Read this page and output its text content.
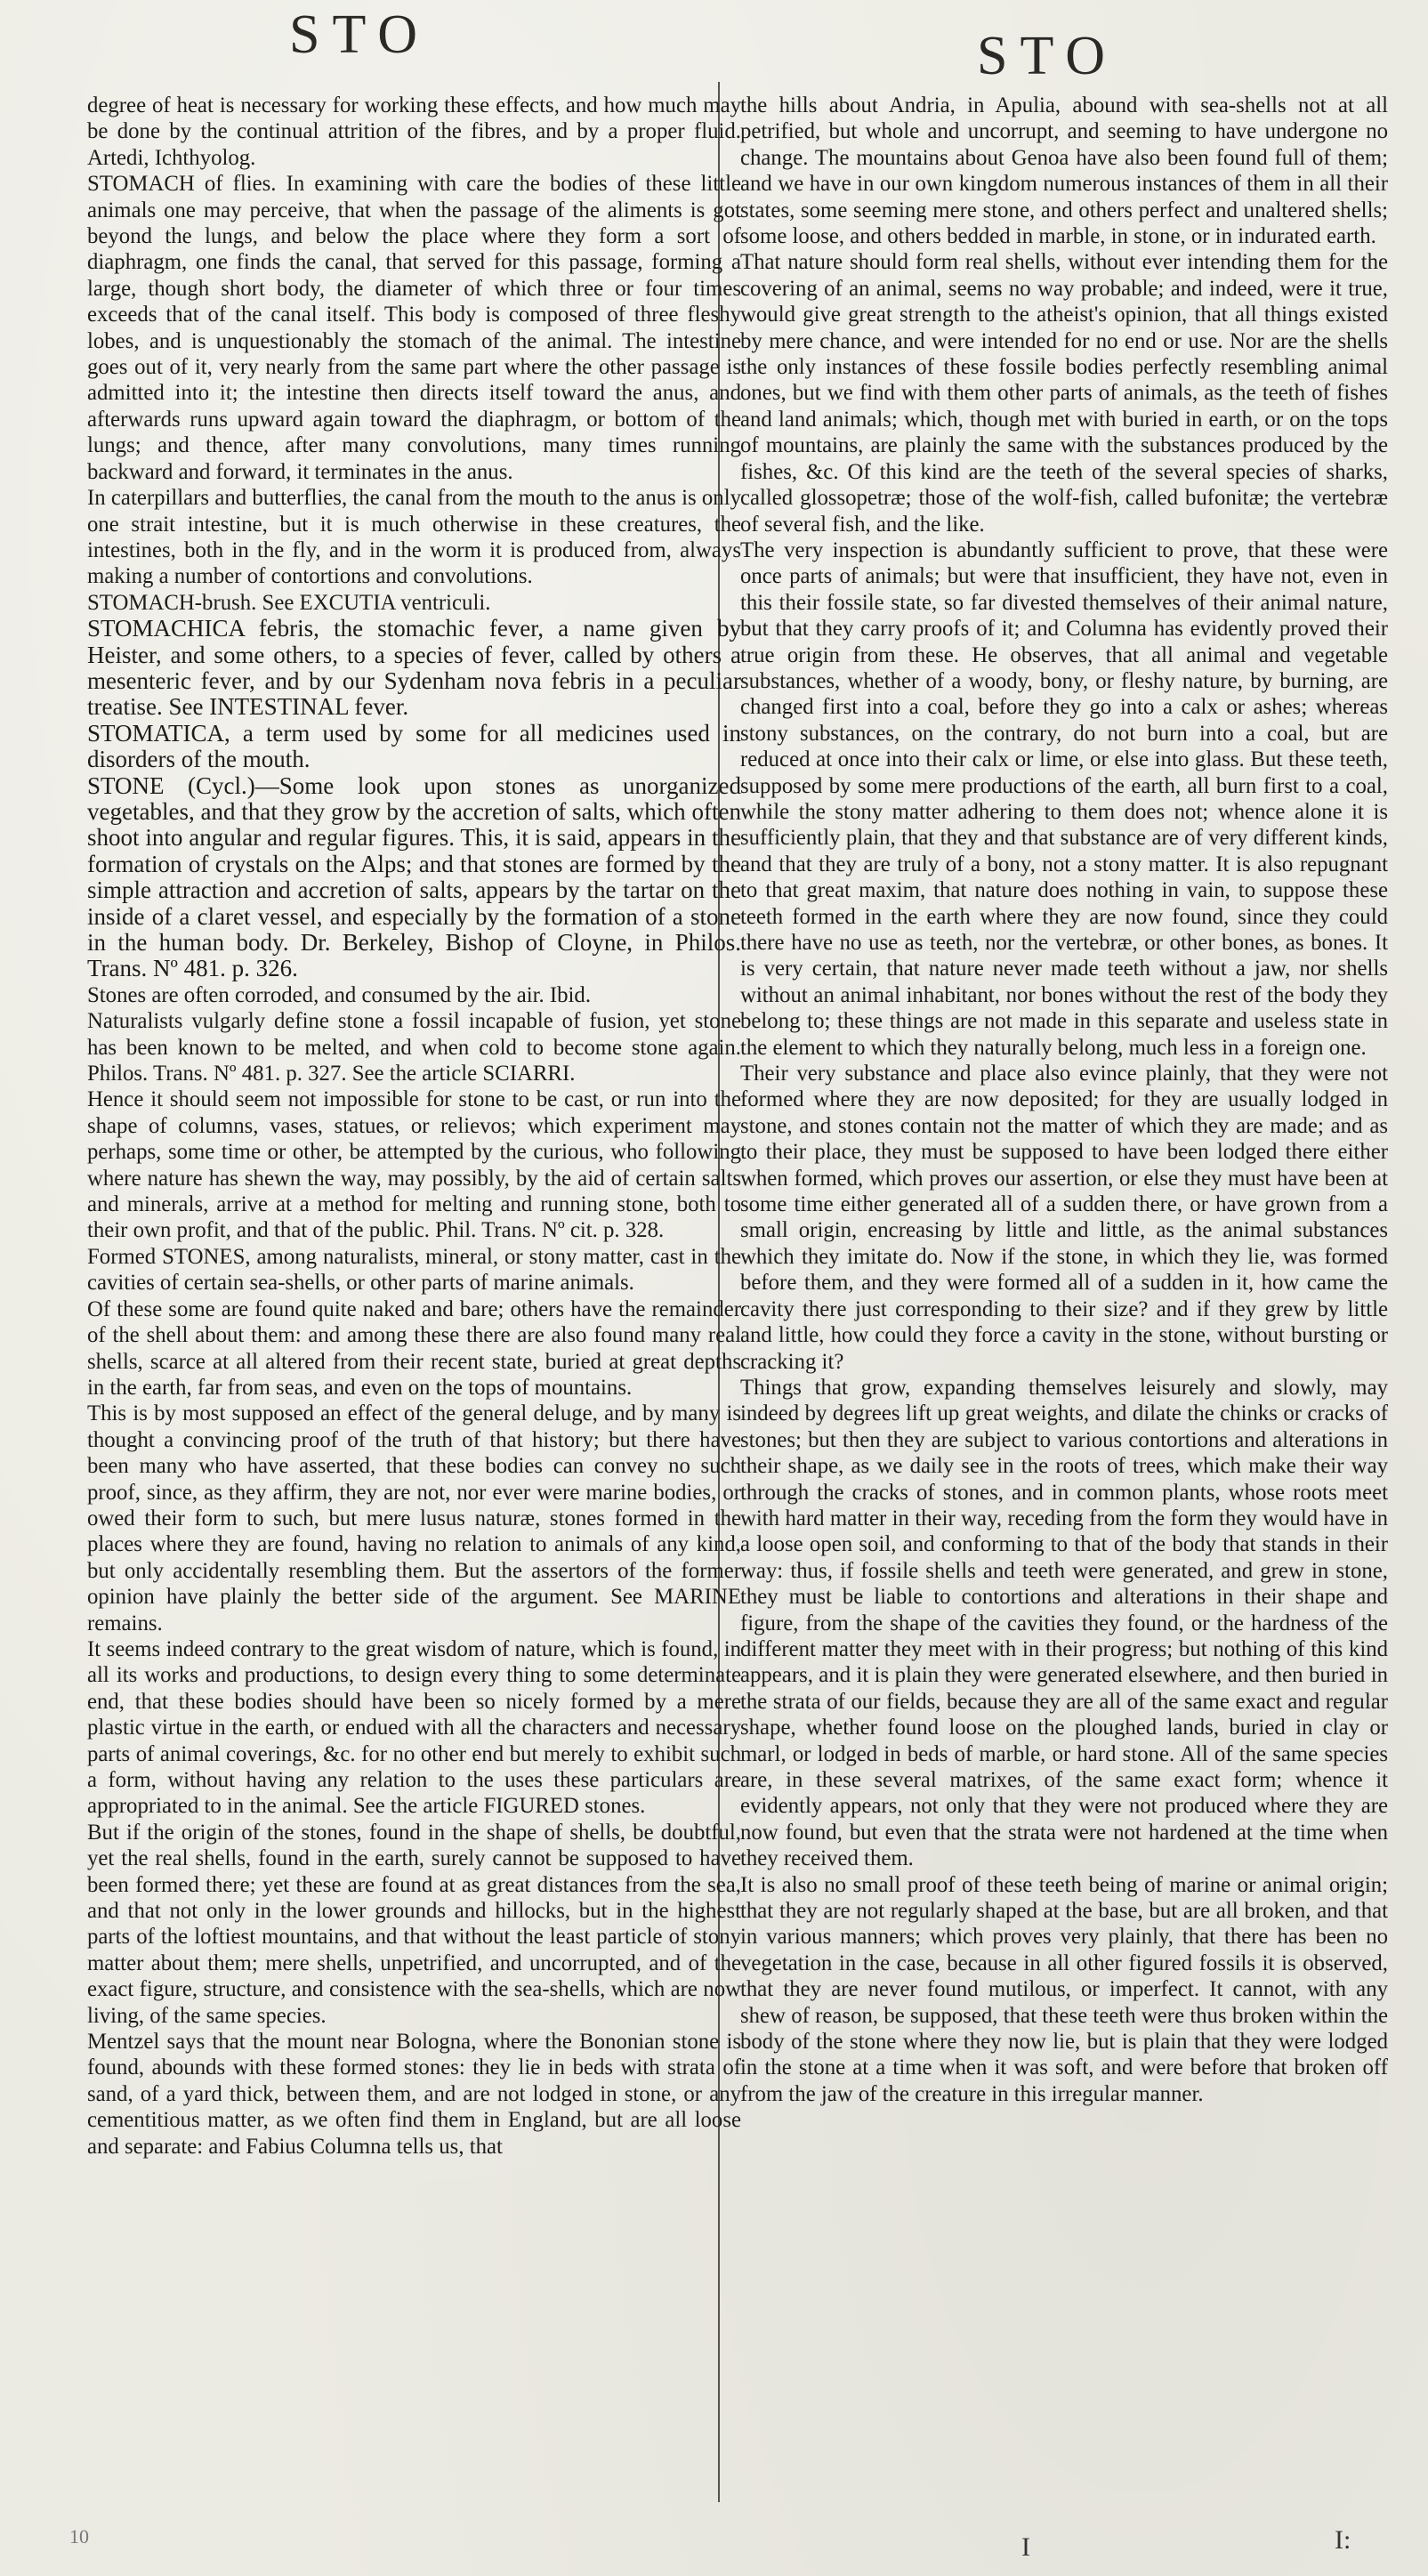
STO	STO

degree of heat is necessary for working these effects, and how much may be done by the continual attrition of the fibres, and by a proper fluid. Artedi, Ichthyolog.

STOMACH of flies. In examining with care the bodies of these little animals one may perceive, that when the passage of the aliments is got beyond the lungs, and below the place where they form a sort of diaphragm, one finds the canal, that served for this passage, forming a large, though short body, the diameter of which three or four times exceeds that of the canal itself. This body is composed of three fleshy lobes, and is unquestionably the stomach of the animal. The intestine goes out of it, very nearly from the same part where the other passage is admitted into it; the intestine then directs itself toward the anus, and afterwards runs upward again toward the diaphragm, or bottom of the lungs; and thence, after many convolutions, many times running backward and forward, it terminates in the anus.

In caterpillars and butterflies, the canal from the mouth to the anus is only one strait intestine, but it is much otherwise in these creatures, the intestines, both in the fly, and in the worm it is produced from, always making a number of contortions and convolutions.

STOMACH-brush. See EXCUTIA ventriculi.

STOMACHICA febris, the stomachic fever, a name given by Heister, and some others, to a species of fever, called by others a mesenteric fever, and by our Sydenham nova febris in a peculiar treatise. See INTESTINAL fever.

STOMATICA, a term used by some for all medicines used in disorders of the mouth.

STONE (Cycl.)—Some look upon stones as unorganized vegetables, and that they grow by the accretion of salts, which often shoot into angular and regular figures. This, it is said, appears in the formation of crystals on the Alps; and that stones are formed by the simple attraction and accretion of salts, appears by the tartar on the inside of a claret vessel, and especially by the formation of a stone in the human body. Dr. Berkeley, Bishop of Cloyne, in Philos. Trans. Nº 481. p. 326.

Stones are often corroded, and consumed by the air. Ibid.

Naturalists vulgarly define stone a fossil incapable of fusion, yet stone has been known to be melted, and when cold to become stone again. Philos. Trans. Nº 481. p. 327. See the article SCIARRI.

Hence it should seem not impossible for stone to be cast, or run into the shape of columns, vases, statues, or relievos; which experiment may perhaps, some time or other, be attempted by the curious, who following where nature has shewn the way, may possibly, by the aid of certain salts and minerals, arrive at a method for melting and running stone, both to their own profit, and that of the public. Phil. Trans. Nº cit. p. 328.

Formed STONES, among naturalists, mineral, or stony matter, cast in the cavities of certain sea-shells, or other parts of marine animals.

Of these some are found quite naked and bare; others have the remainder of the shell about them: and among these there are also found many real shells, scarce at all altered from their recent state, buried at great depths in the earth, far from seas, and even on the tops of mountains.

This is by most supposed an effect of the general deluge, and by many is thought a convincing proof of the truth of that history; but there have been many who have asserted, that these bodies can convey no such proof, since, as they affirm, they are not, nor ever were marine bodies, or owed their form to such, but mere lusus naturæ, stones formed in the places where they are found, having no relation to animals of any kind, but only accidentally resembling them. But the assertors of the former opinion have plainly the better side of the argument. See MARINE remains.

It seems indeed contrary to the great wisdom of nature, which is found, in all its works and productions, to design every thing to some determinate end, that these bodies should have been so nicely formed by a mere plastic virtue in the earth, or endued with all the characters and necessary parts of animal coverings, &c. for no other end but merely to exhibit such a form, without having any relation to the uses these particulars are appropriated to in the animal. See the article FIGURED stones.

But if the origin of the stones, found in the shape of shells, be doubtful, yet the real shells, found in the earth, surely cannot be supposed to have been formed there; yet these are found at as great distances from the sea, and that not only in the lower grounds and hillocks, but in the highest parts of the loftiest mountains, and that without the least particle of stony matter about them; mere shells, unpetrified, and uncorrupted, and of the exact figure, structure, and consistence with the sea-shells, which are now living, of the same species.

Mentzel says that the mount near Bologna, where the Bononian stone is found, abounds with these formed stones: they lie in beds with strata of sand, of a yard thick, between them, and are not lodged in stone, or any cementitious matter, as we often find them in England, but are all loose and separate: and Fabius Columna tells us, that

the hills about Andria, in Apulia, abound with sea-shells not at all petrified, but whole and uncorrupt, and seeming to have undergone no change. The mountains about Genoa have also been found full of them; and we have in our own kingdom numerous instances of them in all their states, some seeming mere stone, and others perfect and unaltered shells; some loose, and others bedded in marble, in stone, or in indurated earth.

That nature should form real shells, without ever intending them for the covering of an animal, seems no way probable; and indeed, were it true, would give great strength to the atheist's opinion, that all things existed by mere chance, and were intended for no end or use. Nor are the shells the only instances of these fossile bodies perfectly resembling animal ones, but we find with them other parts of animals, as the teeth of fishes and land animals; which, though met with buried in earth, or on the tops of mountains, are plainly the same with the substances produced by the fishes, &c. Of this kind are the teeth of the several species of sharks, called glossopetræ; those of the wolf-fish, called bufonitæ; the vertebræ of several fish, and the like.

The very inspection is abundantly sufficient to prove, that these were once parts of animals; but were that insufficient, they have not, even in this their fossile state, so far divested themselves of their animal nature, but that they carry proofs of it; and Columna has evidently proved their true origin from these. He observes, that all animal and vegetable substances, whether of a woody, bony, or fleshy nature, by burning, are changed first into a coal, before they go into a calx or ashes; whereas stony substances, on the contrary, do not burn into a coal, but are reduced at once into their calx or lime, or else into glass. But these teeth, supposed by some mere productions of the earth, all burn first to a coal, while the stony matter adhering to them does not; whence alone it is sufficiently plain, that they and that substance are of very different kinds, and that they are truly of a bony, not a stony matter. It is also repugnant to that great maxim, that nature does nothing in vain, to suppose these teeth formed in the earth where they are now found, since they could there have no use as teeth, nor the vertebræ, or other bones, as bones. It is very certain, that nature never made teeth without a jaw, nor shells without an animal inhabitant, nor bones without the rest of the body they belong to; these things are not made in this separate and useless state in the element to which they naturally belong, much less in a foreign one.

Their very substance and place also evince plainly, that they were not formed where they are now deposited; for they are usually lodged in stone, and stones contain not the matter of which they are made; and as to their place, they must be supposed to have been lodged there either when formed, which proves our assertion, or else they must have been at some time either generated all of a sudden there, or have grown from a small origin, encreasing by little and little, as the animal substances which they imitate do. Now if the stone, in which they lie, was formed before them, and they were formed all of a sudden in it, how came the cavity there just corresponding to their size? and if they grew by little and little, how could they force a cavity in the stone, without bursting or cracking it?

Things that grow, expanding themselves leisurely and slowly, may indeed by degrees lift up great weights, and dilate the chinks or cracks of stones; but then they are subject to various contortions and alterations in their shape, as we daily see in the roots of trees, which make their way through the cracks of stones, and in common plants, whose roots meet with hard matter in their way, receding from the form they would have in a loose open soil, and conforming to that of the body that stands in their way: thus, if fossile shells and teeth were generated, and grew in stone, they must be liable to contortions and alterations in their shape and figure, from the shape of the cavities they found, or the hardness of the different matter they meet with in their progress; but nothing of this kind appears, and it is plain they were generated elsewhere, and then buried in the strata of our fields, because they are all of the same exact and regular shape, whether found loose on the ploughed lands, buried in clay or marl, or lodged in beds of marble, or hard stone. All of the same species are, in these several matrixes, of the same exact form; whence it evidently appears, not only that they were not produced where they are now found, but even that the strata were not hardened at the time when they received them.

It is also no small proof of these teeth being of marine or animal origin; that they are not regularly shaped at the base, but are all broken, and that in various manners; which proves very plainly, that there has been no vegetation in the case, because in all other figured fossils it is observed, that they are never found mutilous, or imperfect. It cannot, with any shew of reason, be supposed, that these teeth were thus broken within the body of the stone where they now lie, but is plain that they were lodged in the stone at a time when it was soft, and were before that broken off from the jaw of the creature in this irregular manner.

10	I	I:
